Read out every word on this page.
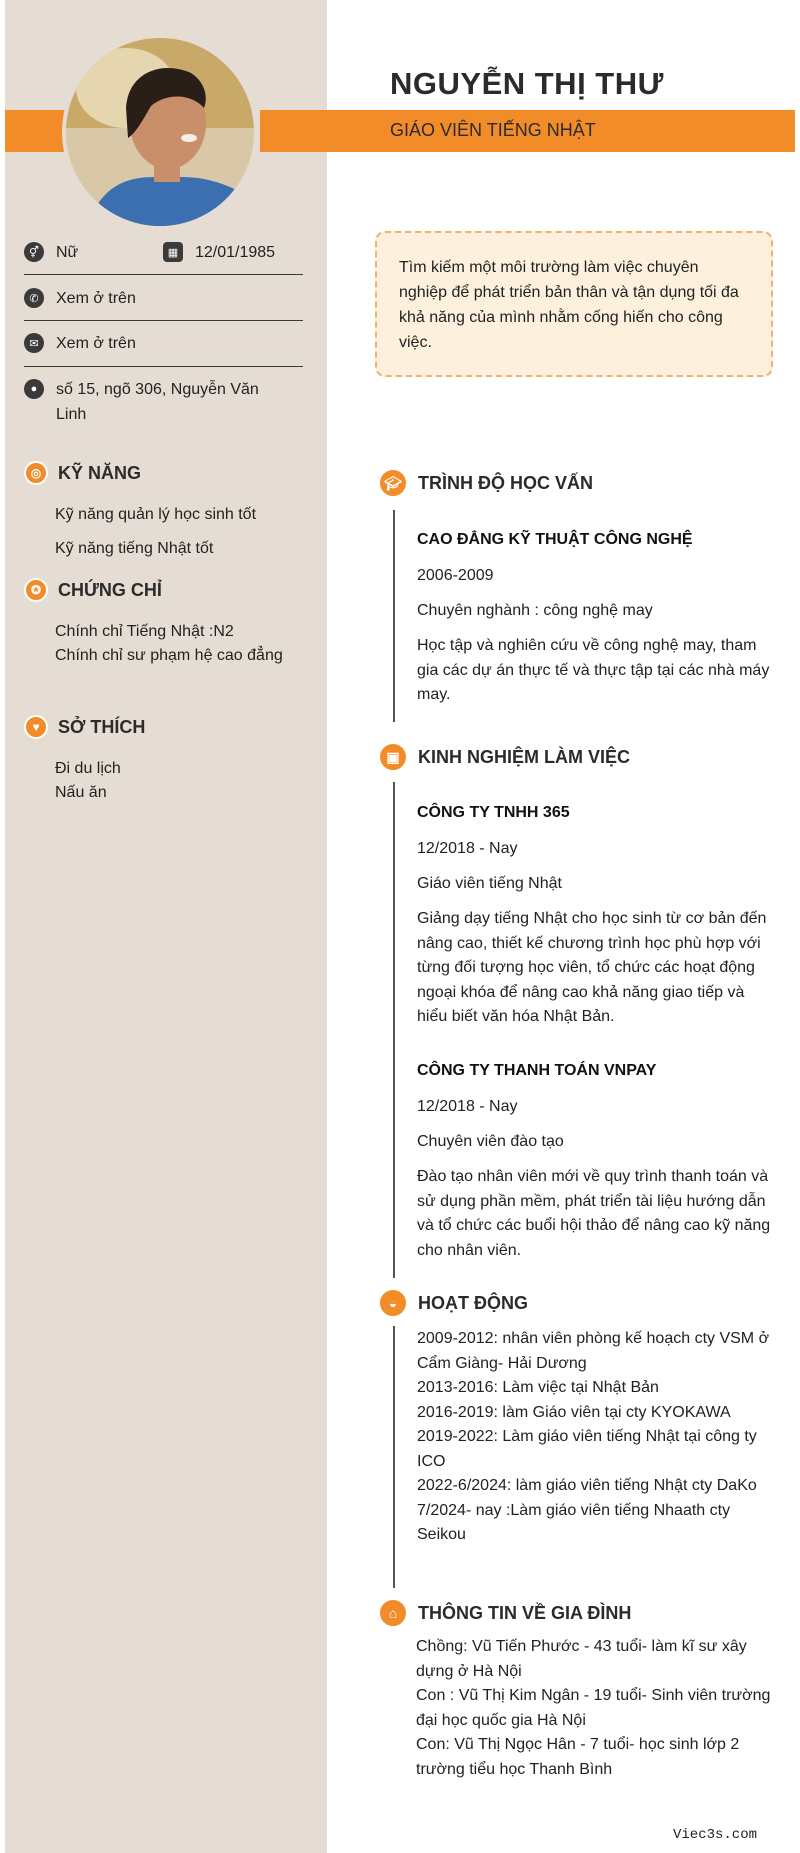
NGUYỄN THỊ THƯ
GIÁO VIÊN TIẾNG NHẬT
⚥	Nữ	▦ 12/01/1985
✆	Xem ở trên
✉	Xem ở trên
●	số 15, ngõ 306, Nguyễn Văn Linh
◎ KỸ NĂNG
Kỹ năng quản lý học sinh tốt
Kỹ năng tiếng Nhật tốt
✪ CHỨNG CHỈ
Chính chỉ Tiếng Nhật :N2
Chính chỉ sư phạm hệ cao đẳng
♥	SỞ THÍCH
Đi du lịch
Nấu ăn
Tìm kiếm một môi trường làm việc chuyên nghiệp để phát triển bản thân và tận dụng tối đa khả năng của mình nhằm cống hiến cho công việc.
🎓︎ TRÌNH ĐỘ HỌC VẤN
CAO ĐẲNG KỸ THUẬT CÔNG NGHỆ
2006-2009
Chuyên nghành : công nghệ may
Học tập và nghiên cứu về công nghệ may, tham gia các dự án thực tế và thực tập tại các nhà máy may.
▣	KINH NGHIỆM LÀM VIỆC
CÔNG TY TNHH 365
12/2018 - Nay
Giáo viên tiếng Nhật
Giảng dạy tiếng Nhật cho học sinh từ cơ bản đến nâng cao, thiết kế chương trình học phù hợp với từng đối tượng học viên, tổ chức các hoạt động ngoại khóa để nâng cao khả năng giao tiếp và hiểu biết văn hóa Nhật Bản.
CÔNG TY THANH TOÁN VNPAY
12/2018 - Nay
Chuyên viên đào tạo
Đào tạo nhân viên mới về quy trình thanh toán và sử dụng phần mềm, phát triển tài liệu hướng dẫn và tổ chức các buổi hội thảo để nâng cao kỹ năng cho nhân viên.
◒	HOẠT ĐỘNG
2009-2012: nhân viên phòng kế hoạch cty VSM ở Cẩm Giàng- Hải Dương
2013-2016: Làm việc tại Nhật Bản
2016-2019: làm Giáo viên tại cty KYOKAWA
2019-2022: Làm giáo viên tiếng Nhật tại công ty ICO
2022-6/2024: làm giáo viên tiếng Nhật cty DaKo
7/2024- nay :Làm giáo viên tiếng Nhaath cty Seikou
⌂	THÔNG TIN VỀ GIA ĐÌNH
Chồng: Vũ Tiến Phước - 43 tuổi- làm kĩ sư xây dựng ở Hà Nội
Con : Vũ Thị Kim Ngân - 19 tuổi- Sinh viên trường đại học quốc gia Hà Nội
Con: Vũ Thị Ngọc Hân - 7 tuổi- học sinh lớp 2 trường tiểu học Thanh Bình
Viec3s.com
